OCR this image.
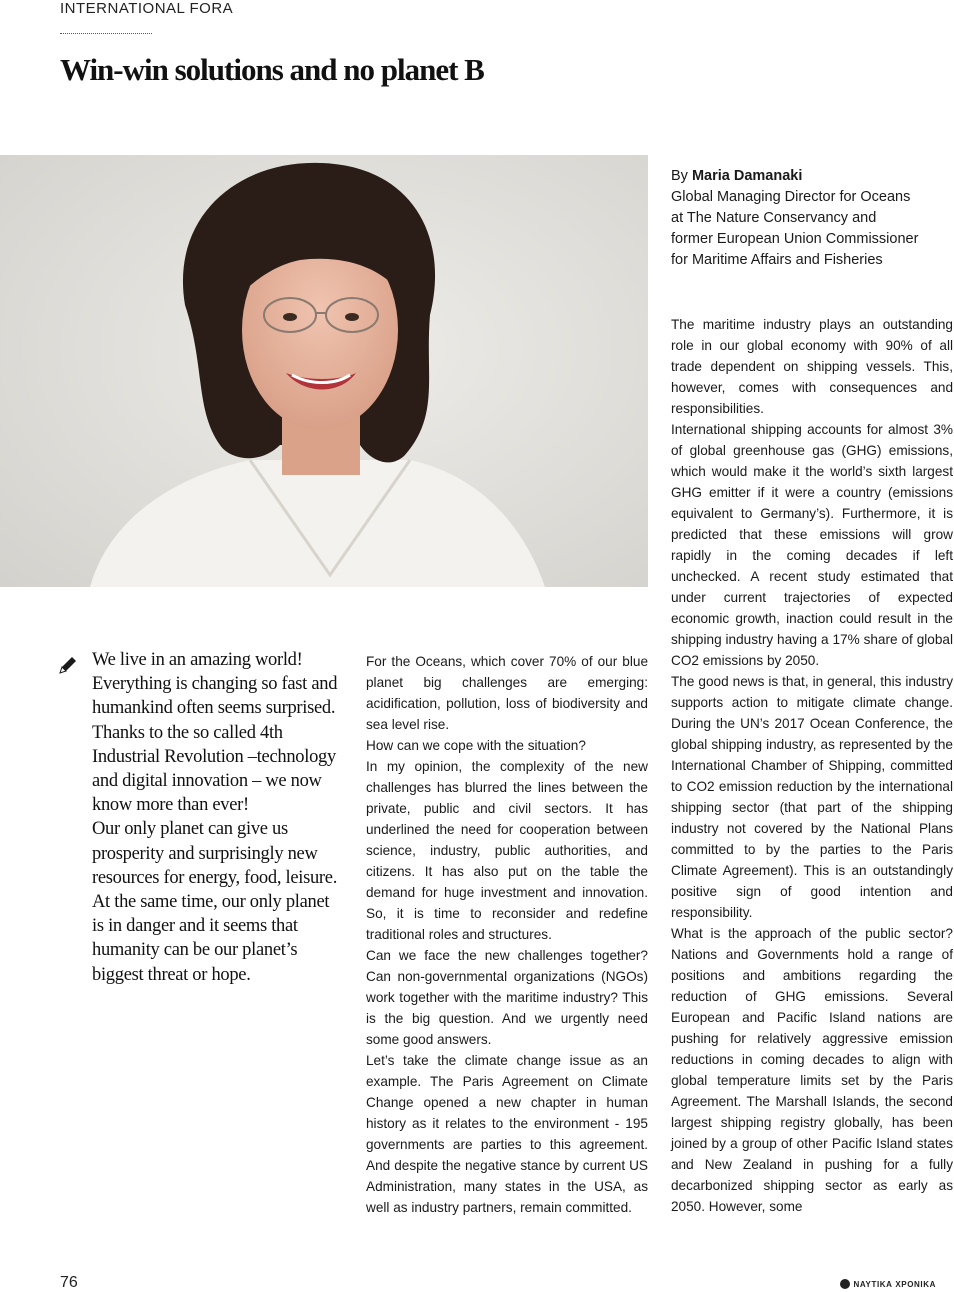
INTERNATIONAL FORA
Win-win solutions and no planet B
By Maria Damanaki
Global Managing Director for Oceans
at The Nature Conservancy and
former European Union Commissioner
for Maritime Affairs and Fisheries

We live in an amazing world! Everything is changing so fast and humankind often seems surprised. Thanks to the so called 4th Industrial Revolution –technology and digital innovation – we now know more than ever!

Our only planet can give us prosperity and surprisingly new resources for energy, food, leisure. At the same time, our only planet is in danger and it seems that humanity can be our planet’s biggest threat or hope.

For the Oceans, which cover 70% of our blue planet big challenges are emerging: acidification, pollution, loss of biodiversity and sea level rise.

How can we cope with the situation?

In my opinion, the complexity of the new challenges has blurred the lines between the private, public and civil sectors. It has underlined the need for cooperation between science, industry, public authorities, and citizens. It has also put on the table the demand for huge investment and innovation. So, it is time to reconsider and redefine traditional roles and structures.

Can we face the new challenges together? Can non-governmental organizations (NGOs) work together with the maritime industry? This is the big question. And we urgently need some good answers.

Let’s take the climate change issue as an example. The Paris Agreement on Climate Change opened a new chapter in human history as it relates to the environment - 195 governments are parties to this agreement. And despite the negative stance by current US Administration, many states in the USA, as well as industry partners, remain committed.

The maritime industry plays an outstanding role in our global economy with 90% of all trade dependent on shipping vessels. This, however, comes with consequences and responsibilities.

International shipping accounts for almost 3% of global greenhouse gas (GHG) emissions, which would make it the world’s sixth largest GHG emitter if it were a country (emissions equivalent to Germany’s). Furthermore, it is predicted that these emissions will grow rapidly in the coming decades if left unchecked. A recent study estimated that under current trajectories of expected economic growth, inaction could result in the shipping industry having a 17% share of global CO2 emissions by 2050.

The good news is that, in general, this industry supports action to mitigate climate change. During the UN’s 2017 Ocean Conference, the global shipping industry, as represented by the International Chamber of Shipping, committed to CO2 emission reduction by the international shipping sector (that part of the shipping industry not covered by the National Plans committed to by the parties to the Paris Climate Agreement). This is an outstandingly positive sign of good intention and responsibility.

What is the approach of the public sector? Nations and Governments hold a range of positions and ambitions regarding the reduction of GHG emissions. Several European and Pacific Island nations are pushing for relatively aggressive emission reductions in coming decades to align with global temperature limits set by the Paris Agreement. The Marshall Islands, the second largest shipping registry globally, has been joined by a group of other Pacific Island states and New Zealand in pushing for a fully decarbonized shipping sector as early as 2050. However, some

76	ΝΑΥΤΙΚΑ ΧΡΟΝΙΚΑ
